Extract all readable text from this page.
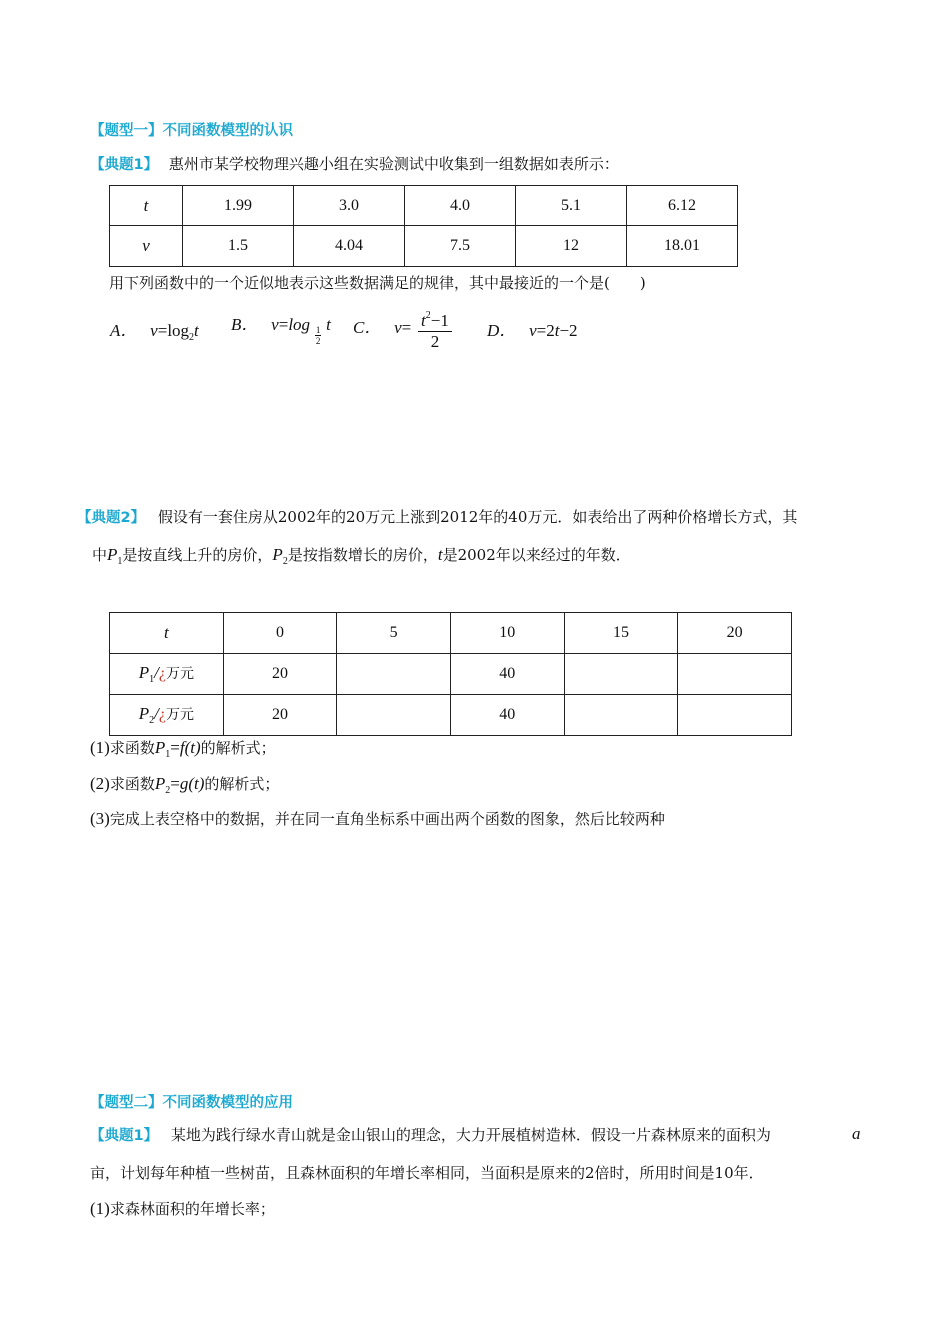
【题型一】不同函数模型的认识
【典题1】 惠州市某学校物理兴趣小组在实验测试中收集到一组数据如表所示：
t	1.99	3.0	4.0	5.1	6.12
v	1.5	4.04	7.5	12	18.01
用下列函数中的一个近似地表示这些数据满足的规律，其中最接近的一个是(　　)
A． $v=\log_2t$ B． v=log
$\frac{1}{2}$
t C． $v= \frac{t^2-1}{2}$ D． v=2t−2
【典题2】 假设有一套住房从2002年的20万元上涨到2012年的40万元．如表给出了两种价格增长方式，其
中$P_1$是按直线上升的房价，$P_2$是按指数增长的房价，t是2002年以来经过的年数．
t	0	5	10	15	20
$P_1/¿$万元	20		40		
$P_2/¿$万元	20		40		
(1)求函数$P_1=f(t)$的解析式；
(2)求函数$P_2=g(t)$的解析式；
(3)完成上表空格中的数据，并在同一直角坐标系中画出两个函数的图象，然后比较两种
【题型二】不同函数模型的应用
【典题1】 某地为践行绿水青山就是金山银山的理念，大力开展植树造林．假设一片森林原来的面积为	a
亩，计划每年种植一些树苗，且森林面积的年增长率相同，当面积是原来的2倍时，所用时间是10年．
(1)求森林面积的年增长率；
